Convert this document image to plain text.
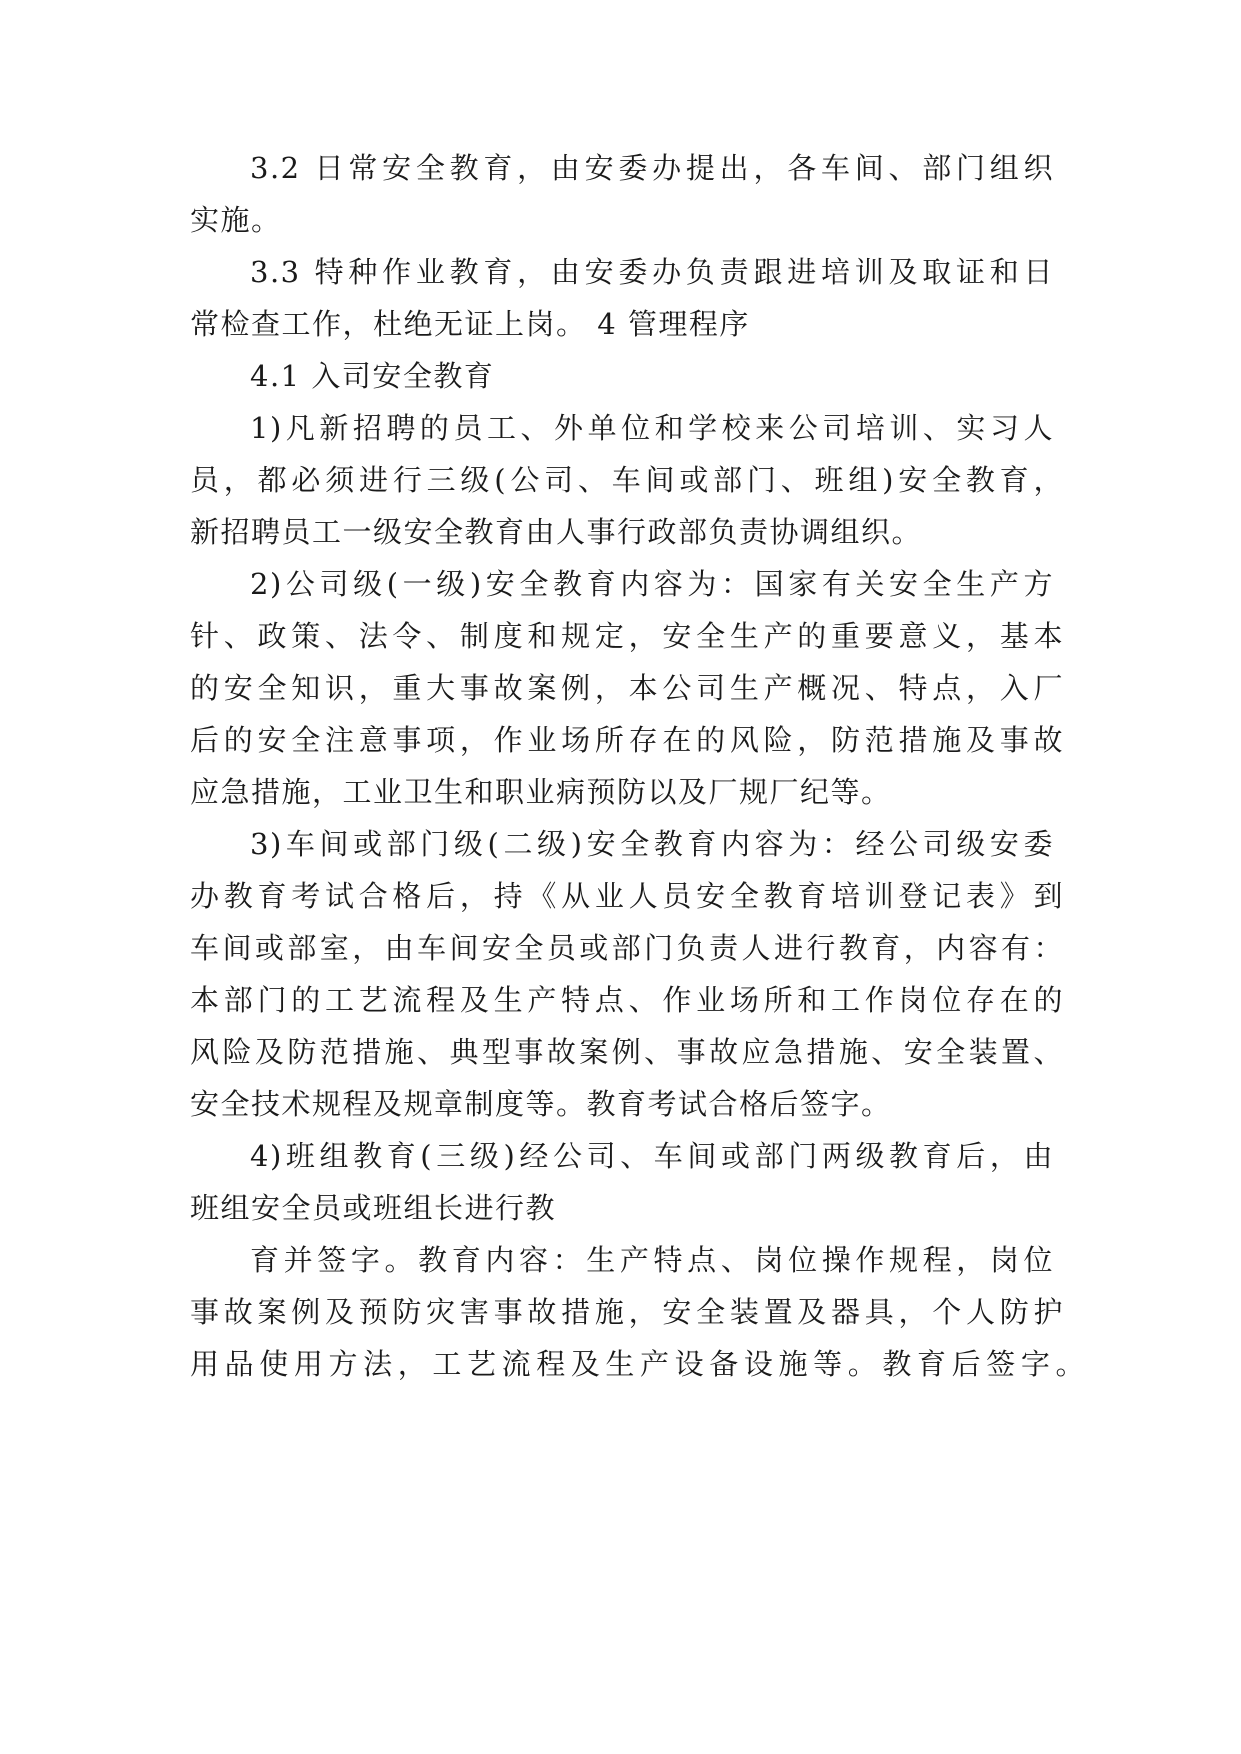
3.2 日常安全教育，由安委办提出，各车间、部门组织
实施。
3.3 特种作业教育，由安委办负责跟进培训及取证和日
常检查工作，杜绝无证上岗。 4 管理程序
4.1 入司安全教育
1)凡新招聘的员工、外单位和学校来公司培训、实习人
员，都必须进行三级(公司、车间或部门、班组)安全教育，
新招聘员工一级安全教育由人事行政部负责协调组织。
2)公司级(一级)安全教育内容为：国家有关安全生产方
针、政策、法令、制度和规定，安全生产的重要意义，基本
的安全知识，重大事故案例，本公司生产概况、特点，入厂
后的安全注意事项，作业场所存在的风险，防范措施及事故
应急措施，工业卫生和职业病预防以及厂规厂纪等。
3)车间或部门级(二级)安全教育内容为：经公司级安委
办教育考试合格后，持《从业人员安全教育培训登记表》到
车间或部室，由车间安全员或部门负责人进行教育，内容有：
本部门的工艺流程及生产特点、作业场所和工作岗位存在的
风险及防范措施、典型事故案例、事故应急措施、安全装置、
安全技术规程及规章制度等。教育考试合格后签字。
4)班组教育(三级)经公司、车间或部门两级教育后，由
班组安全员或班组长进行教
育并签字。教育内容：生产特点、岗位操作规程，岗位
事故案例及预防灾害事故措施，安全装置及器具，个人防护
用品使用方法，工艺流程及生产设备设施等。教育后签字。
